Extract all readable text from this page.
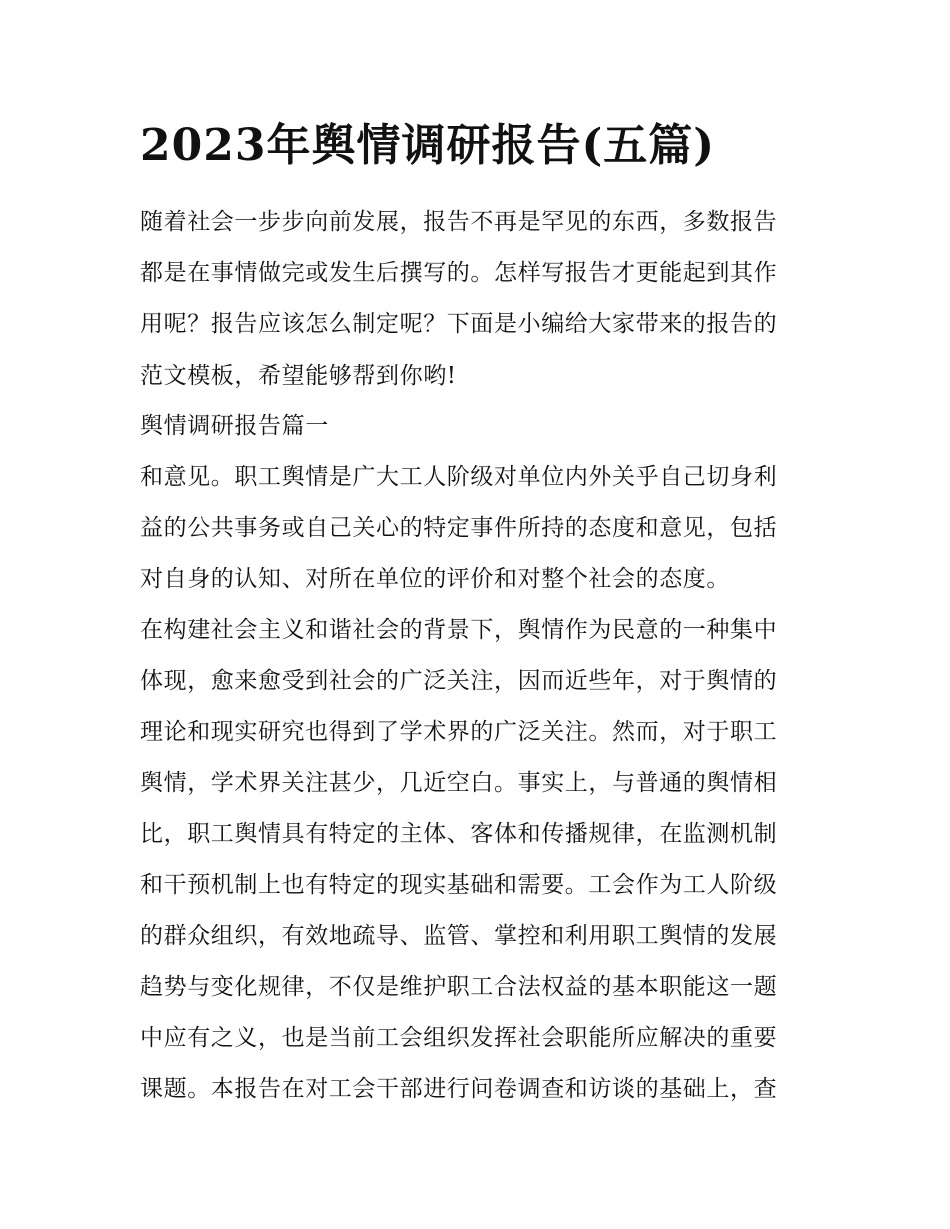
2023年舆情调研报告(五篇)

随着社会一步步向前发展，报告不再是罕见的东西，多数报告

都是在事情做完或发生后撰写的。怎样写报告才更能起到其作

用呢？报告应该怎么制定呢？下面是小编给大家带来的报告的

范文模板，希望能够帮到你哟!

舆情调研报告篇一

和意见。职工舆情是广大工人阶级对单位内外关乎自己切身利

益的公共事务或自己关心的特定事件所持的态度和意见，包括

对自身的认知、对所在单位的评价和对整个社会的态度。

在构建社会主义和谐社会的背景下，舆情作为民意的一种集中

体现，愈来愈受到社会的广泛关注，因而近些年，对于舆情的

理论和现实研究也得到了学术界的广泛关注。然而，对于职工

舆情，学术界关注甚少，几近空白。事实上，与普通的舆情相

比，职工舆情具有特定的主体、客体和传播规律，在监测机制

和干预机制上也有特定的现实基础和需要。工会作为工人阶级

的群众组织，有效地疏导、监管、掌控和利用职工舆情的发展

趋势与变化规律，不仅是维护职工合法权益的基本职能这一题

中应有之义，也是当前工会组织发挥社会职能所应解决的重要

课题。本报告在对工会干部进行问卷调查和访谈的基础上，查
